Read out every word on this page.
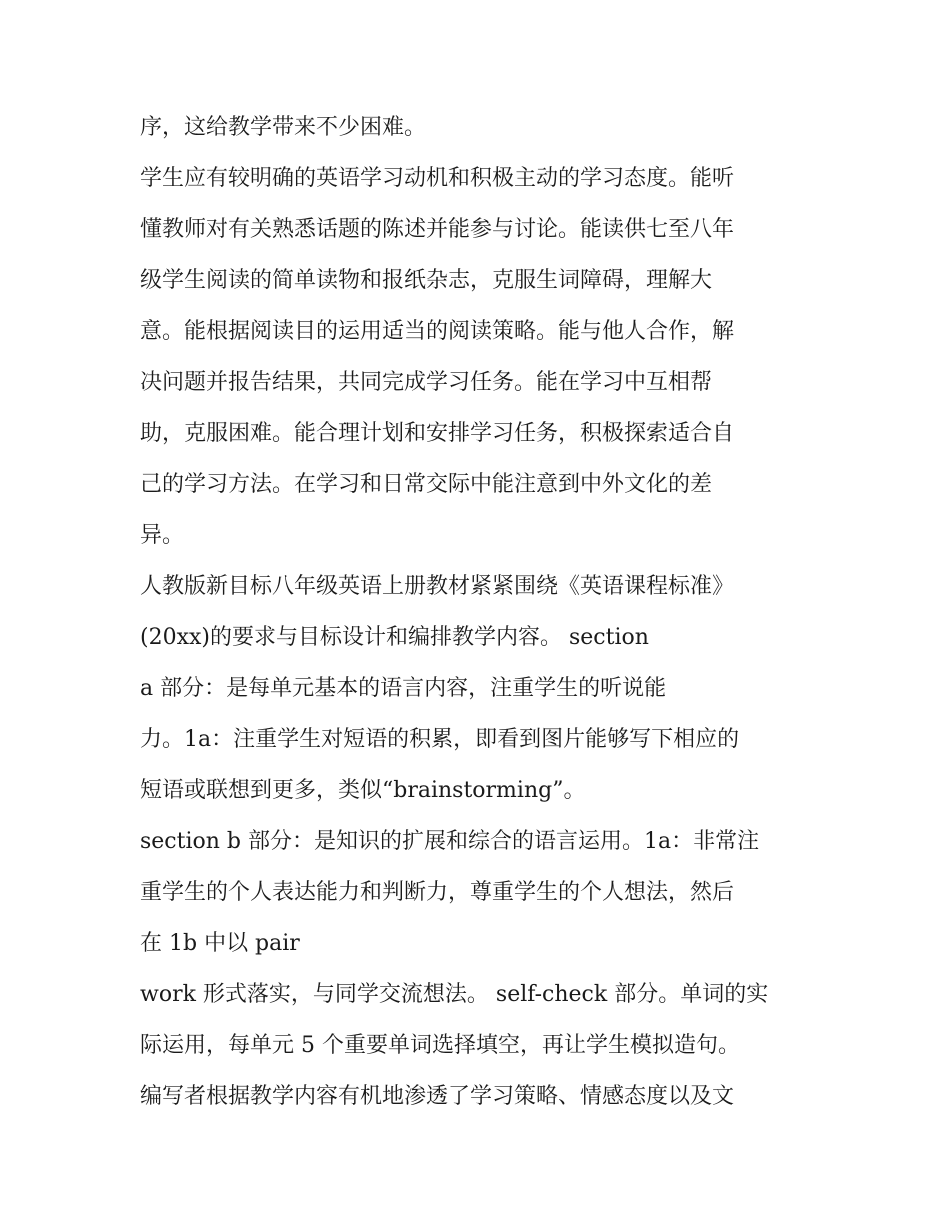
序，这给教学带来不少困难。
学生应有较明确的英语学习动机和积极主动的学习态度。能听
懂教师对有关熟悉话题的陈述并能参与讨论。能读供七至八年
级学生阅读的简单读物和报纸杂志，克服生词障碍，理解大
意。能根据阅读目的运用适当的阅读策略。能与他人合作，解
决问题并报告结果，共同完成学习任务。能在学习中互相帮
助，克服困难。能合理计划和安排学习任务，积极探索适合自
己的学习方法。在学习和日常交际中能注意到中外文化的差
异。
人教版新目标八年级英语上册教材紧紧围绕《英语课程标准》
(20xx)的要求与目标设计和编排教学内容。 section
a 部分：是每单元基本的语言内容，注重学生的听说能
力。1a：注重学生对短语的积累，即看到图片能够写下相应的
短语或联想到更多，类似“brainstorming”。
section b 部分：是知识的扩展和综合的语言运用。1a：非常注
重学生的个人表达能力和判断力，尊重学生的个人想法，然后
在 1b 中以 pair
work 形式落实，与同学交流想法。 self-check 部分。单词的实
际运用，每单元 5 个重要单词选择填空，再让学生模拟造句。
编写者根据教学内容有机地渗透了学习策略、情感态度以及文
